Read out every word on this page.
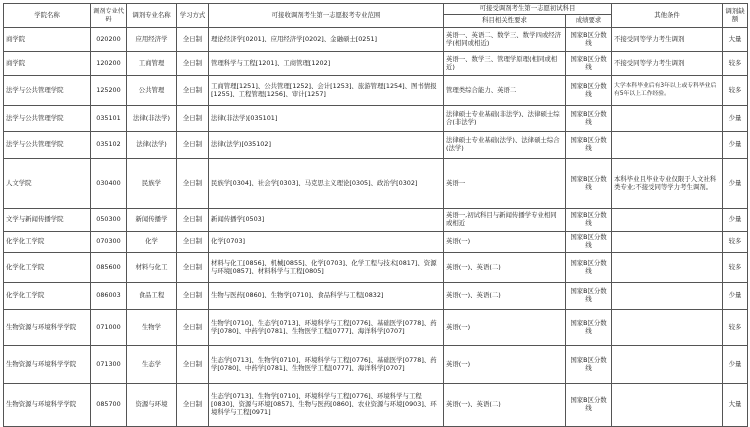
学院名称	调剂专业代码	调剂专业名称	学习方式	可接收调剂考生第一志愿报考专业范围	可接受调剂考生第一志愿初试科目		其他条件	调剂缺额
					科目相关性要求	成绩要求		
商学院	020200	应用经济学	全日制	理论经济学[0201]、应用经济学[0202]、金融硕士[0251]	英语一、英语二、数学三、数学四或经济学(相同或相近)	国家B区分数线	不接受同等学力考生调剂	大量
商学院	120200	工商管理	全日制	管理科学与工程[1201]、工商管理[1202]	英语一、数学三、管理学原理(相同或相近)	国家B区分数线	不接受同等学力考生调剂	较多
法学与公共管理学院	125200	公共管理	全日制	工商管理[1251]、公共管理[1252]、会计[1253]、旅游管理[1254]、图书情报[1255]、工程管理[1256]、审计[1257]	管理类综合能力、英语二	国家B区分数线	大学本科毕业后有3年以上或专科毕业后有5年以上工作经验。	较多
法学与公共管理学院	035101	法律(非法学)	全日制	法律(非法学)[035101]	法律硕士专业基础(非法学)、法律硕士综合(非法学)	国家B区分数线		少量
法学与公共管理学院	035102	法律(法学)	全日制	法律(法学)[035102]	法律硕士专业基础(法学)、法律硕士综合(法学)	国家B区分数线		少量
人文学院	030400	民族学	全日制	民族学[0304]、社会学[0303]、马克思主义理论[0305]、政治学[0302]	英语一	国家B区分数线	本科毕业且毕业专业仅限于人文社科类专业;不接受同等学力考生调剂。	少量
文学与新闻传播学院	050300	新闻传播学	全日制	新闻传播学[0503]	英语一,初试科目与新闻传播学专业相同或相近	国家B区分数线		少量
化学化工学院	070300	化学	全日制	化学[0703]	英语(一)	国家B区分数线		较多
化学化工学院	085600	材料与化工	全日制	材料与化工[0856]、机械[0855]、化学[0703]、化学工程与技术[0817]、资源与环境[0857]、材料科学与工程[0805]	英语(一)、英语(二)	国家B区分数线		较多
化学化工学院	086003	食品工程	全日制	生物与医药[0860]、生物学[0710]、食品科学与工程[0832]	英语(一)、英语(二)	国家B区分数线		少量
生物资源与环境科学学院	071000	生物学	全日制	生物学[0710]、生态学[0713]、环境科学与工程[0776]、基础医学[0778]、药学[0780]、中药学[0781]、生物医学工程[0777]、海洋科学[0707]	英语(一)	国家B区分数线		较多
生物资源与环境科学学院	071300	生态学	全日制	生态学[0713]、生物学[0710]、环境科学与工程[0776]、基础医学[0778]、药学[0780]、中药学[0781]、生物医学工程[0777]、海洋科学[0707]	英语(一)	国家B区分数线		少量
生物资源与环境科学学院	085700	资源与环境	全日制	生态学[0713]、生物学[0710]、环境科学与工程[0776]、环境科学与工程[0830]、资源与环境[0857]、生物与医药[0860]、农业资源与环境[0903]、环境科学与工程[0971]	英语(一)、英语(二)	国家B区分数线		大量
